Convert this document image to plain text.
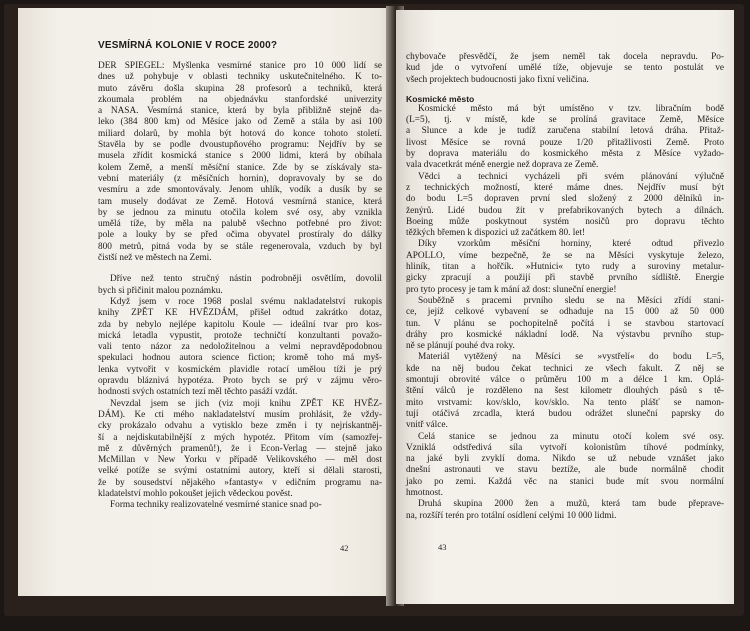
VESMÍRNÁ KOLONIE V ROCE 2000?
DER SPIEGEL: Myšlenka vesmírné stanice pro 10 000 lidí se
dnes už pohybuje v oblasti techniky uskutečnitelného. K to-
muto závěru došla skupina 28 profesorů a techniků, která
zkoumala problém na objednávku stanfordské univerzity
a NASA. Vesmírná stanice, která by byla přibližně stejně da-
leko (384 800 km) od Měsíce jako od Země a stála by asi 100
miliard dolarů, by mohla být hotová do konce tohoto století.
Stavěla by se podle dvoustupňového programu: Nejdřív by se
musela zřídit kosmická stanice s 2000 lidmi, která by obíhala
kolem Země, a menší měsíční stanice. Zde by se získávaly sta-
vební materiály (z měsíčních hornin), dopravovaly by se do
vesmíru a zde smontovávaly. Jenom uhlík, vodík a dusík by se
tam musely dodávat ze Země. Hotová vesmírná stanice, která
by se jednou za minutu otočila kolem své osy, aby vznikla
umělá tíže, by měla na palubě všechno potřebné pro život:
pole a louky by se před očima obyvatel prostíraly do dálky
800 metrů, pitná voda by se stále regenerovala, vzduch by byl
čistší než ve městech na Zemi.
Dříve než tento stručný nástin podrobněji osvětlím, dovolil
bych si přičinit malou poznámku.
Když jsem v roce 1968 poslal svému nakladatelství rukopis
knihy ZPĚT KE HVĚZDÁM, přišel odtud zakrátko dotaz,
zda by nebylo nejlépe kapitolu Koule — ideální tvar pro kos-
mická letadla vypustit, protože techničtí konzultanti považo-
vali tento názor za nedoložitelnou a velmi nepravděpodobnou
spekulaci hodnou autora science fiction; kromě toho má myš-
lenka vytvořit v kosmickém plavidle rotací umělou tíži je prý
opravdu bláznivá hypotéza. Proto bych se prý v zájmu věro-
hodnosti svých ostatních tezí měl těchto pasáží vzdát.
Nevzdal jsem se jich (viz moji knihu ZPĚT KE HVĚZ-
DÁM). Ke cti mého nakladatelství musím prohlásit, že vždy-
cky prokázalo odvahu a vytisklo beze změn i ty nejriskantněj-
ší a nejdiskutabilnější z mých hypotéz. Přitom vím (samozřej-
mě z důvěrných pramenů!), že i Econ-Verlag — stejně jako
McMillan v New Yorku v případě Velikovského — měl dost
velké potíže se svými ostatními autory, kteří si dělali starosti,
že by sousedství nějakého »fantasty« v edičním programu na-
kladatelství mohlo pokoušet jejich vědeckou pověst.
Forma techniky realizovatelné vesmírné stanice snad po-
42
chybovače přesvědčí, že jsem neměl tak docela nepravdu. Po-
kud jde o vytvoření umělé tíže, objevuje se tento postulát ve
všech projektech budoucnosti jako fixní veličina.
Kosmické město
Kosmické město má být umístěno v tzv. libračním bodě
(L=5), tj. v místě, kde se prolíná gravitace Země, Měsíce
a Slunce a kde je tudíž zaručena stabilní letová dráha. Přitaž-
livost Měsíce se rovná pouze 1/20 přitažlivosti Země. Proto
by doprava materiálu do kosmického města z Měsíce vyžado-
vala dvacetkrát méně energie než doprava ze Země.
Vědci a technici vycházeli při svém plánování výlučně
z technických možností, které máme dnes. Nejdřív musí být
do bodu L=5 dopraven první sled složený z 2000 dělníků in-
ženýrů. Lidé budou žít v prefabrikovaných bytech a dílnách.
Boeing může poskytnout systém nosičů pro dopravu těchto
těžkých břemen k dispozici už začátkem 80. let!
Díky vzorkům měsíční horniny, které odtud přivezlo
APOLLO, víme bezpečně, že se na Měsíci vyskytuje železo,
hliník, titan a hořčík. »Hutnici« tyto rudy a suroviny metalur-
gicky zpracují a použijí při stavbě prvního sídliště. Energie
pro tyto procesy je tam k mání až dost: sluneční energie!
Souběžně s pracemi prvního sledu se na Měsíci zřídí stani-
ce, jejíž celkové vybavení se odhaduje na 15 000 až 50 000
tun. V plánu se pochopitelně počítá i se stavbou startovací
dráhy pro kosmické nákladní lodě. Na výstavbu prvního stup-
ně se plánují pouhé dva roky.
Materiál vytěžený na Měsíci se »vystřelí« do bodu L=5,
kde na něj budou čekat technici ze všech fakult. Z něj se
smontují obrovité válce o průměru 100 m a délce 1 km. Oplá-
štění válců je rozděleno na šest kilometr dlouhých pásů s tě-
mito vrstvami: kov/sklo, kov/sklo. Na tento plášť se namon-
tují otáčivá zrcadla, která budou odrážet sluneční paprsky do
vnitř válce.
Celá stanice se jednou za minutu otočí kolem své osy.
Vzniklá odstředivá síla vytvoří kolonistům tíhové podmínky,
na jaké byli zvyklí doma. Nikdo se už nebude vznášet jako
dnešní astronauti ve stavu beztíže, ale bude normálně chodit
jako po zemi. Každá věc na stanici bude mít svou normální
hmotnost.
Druhá skupina 2000 žen a mužů, která tam bude přeprave-
na, rozšíří terén pro totální osídlení celými 10 000 lidmi.
43
